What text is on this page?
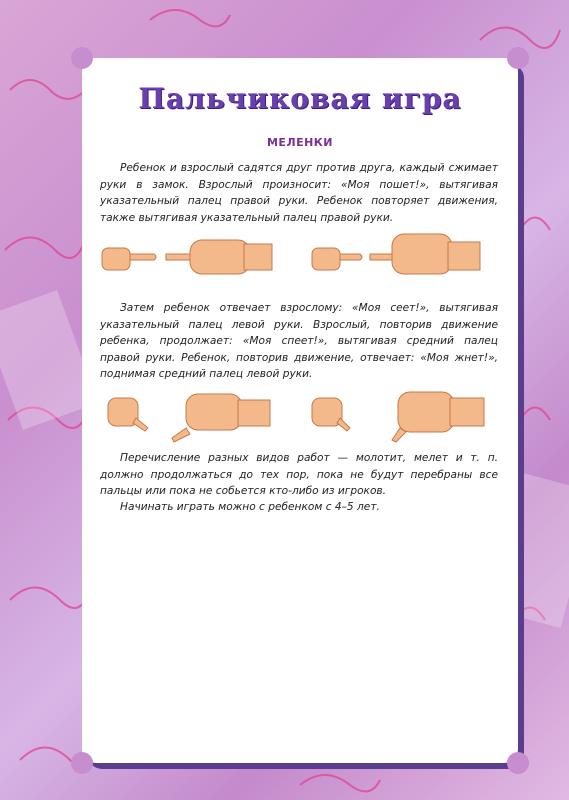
Пальчиковая игра
МЕЛЕНКИ
Ребенок и взрослый садятся друг против друга, каждый сжимает руки в замок. Взрослый произносит: «Моя пошет!», вытягивая указательный палец правой руки. Ребенок повторяет движения, также вытягивая указательный палец правой руки.
Затем ребенок отвечает взрослому: «Моя сеет!», вытягивая указательный палец левой руки. Взрослый, повторив движение ребенка, продолжает: «Моя спеет!», вытягивая средний палец правой руки. Ребенок, повторив движение, отвечает: «Моя жнет!», поднимая средний палец левой руки.
Перечисление разных видов работ — молотит, мелет и т. п. должно продолжаться до тех пор, пока не будут перебраны все пальцы или пока не собьется кто-либо из игроков.
Начинать играть можно с ребенком с 4–5 лет.
